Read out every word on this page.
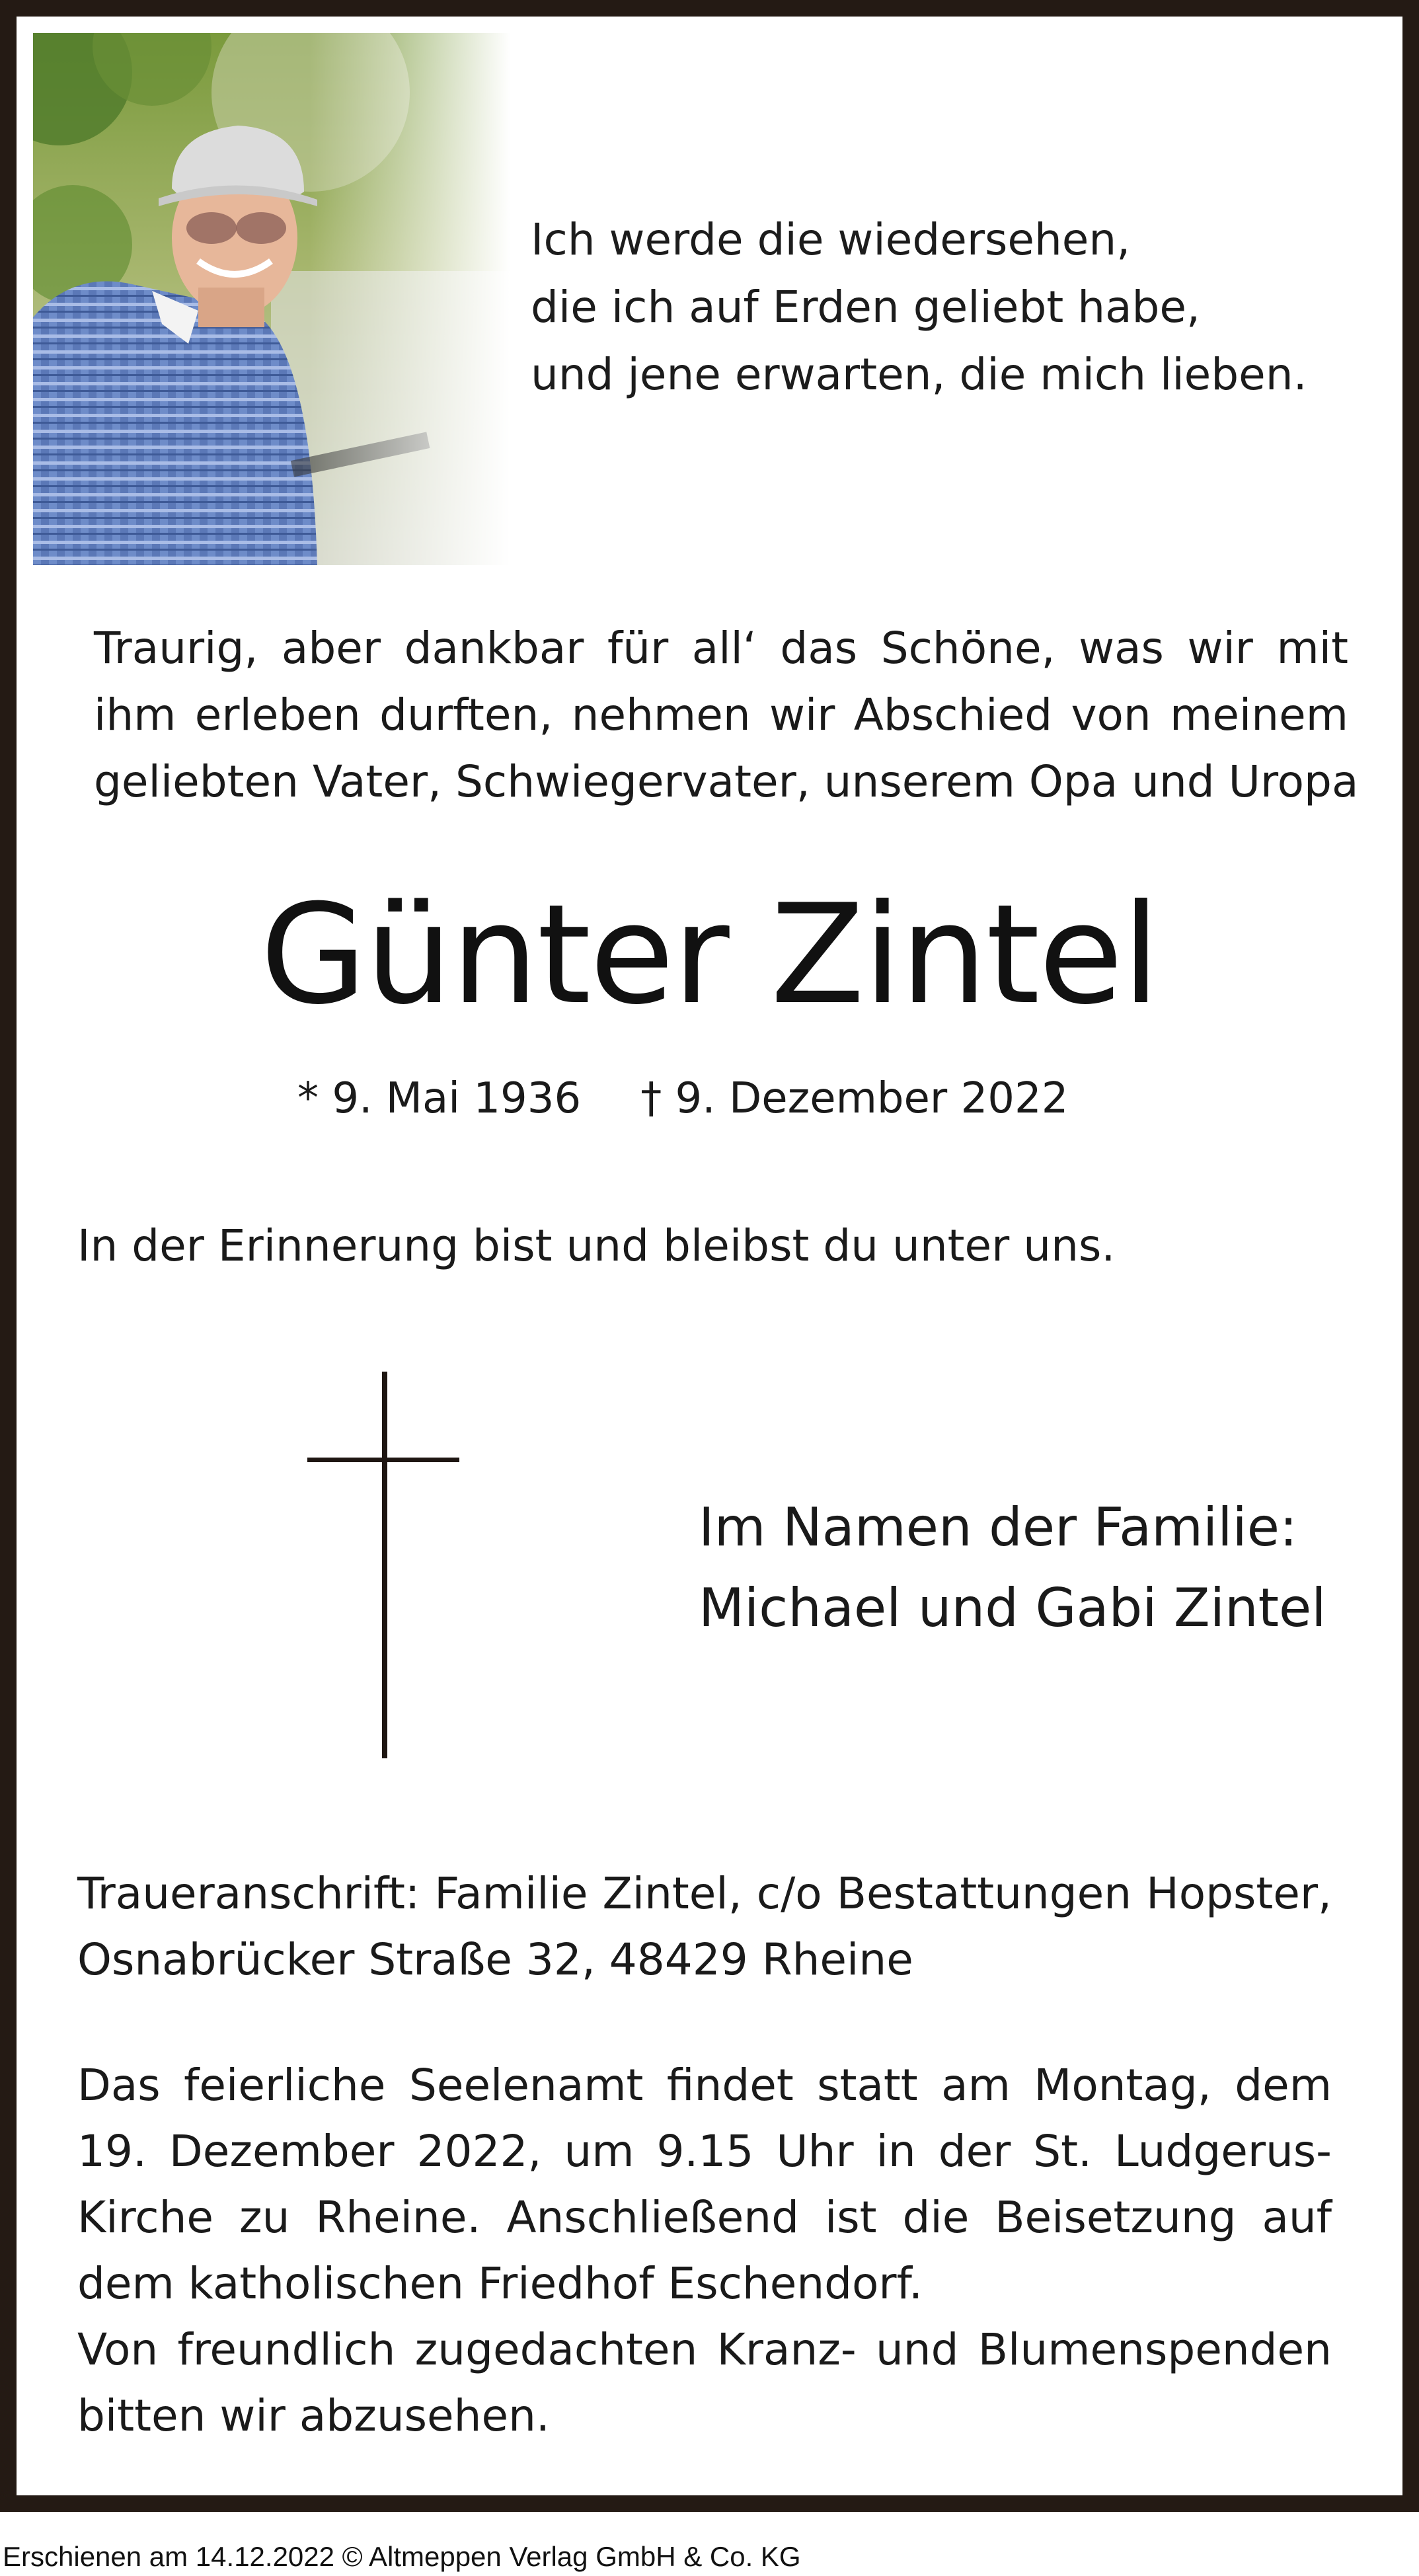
Ich werde die wiedersehen,
die ich auf Erden geliebt habe,
und jene erwarten, die mich lieben.
Traurig, aber dankbar für all‘ das Schöne, was wir mit
ihm erleben durften, nehmen wir Abschied von meinem
geliebten Vater, Schwiegervater, unserem Opa und Uropa
Günter Zintel
* 9. Mai 1936 † 9. Dezember 2022
In der Erinnerung bist und bleibst du unter uns.
Im Namen der Familie:
Michael und Gabi Zintel
Traueranschrift: Familie Zintel, c/o Bestattungen Hopster,
Osnabrücker Straße 32, 48429 Rheine
Das feierliche Seelenamt findet statt am Montag, dem
19. Dezember 2022, um 9.15 Uhr in der St. Ludgerus-
Kirche zu Rheine. Anschließend ist die Beisetzung auf
dem katholischen Friedhof Eschendorf.
Von freundlich zugedachten Kranz- und Blumenspenden
bitten wir abzusehen.
Erschienen am 14.12.2022 © Altmeppen Verlag GmbH & Co. KG
